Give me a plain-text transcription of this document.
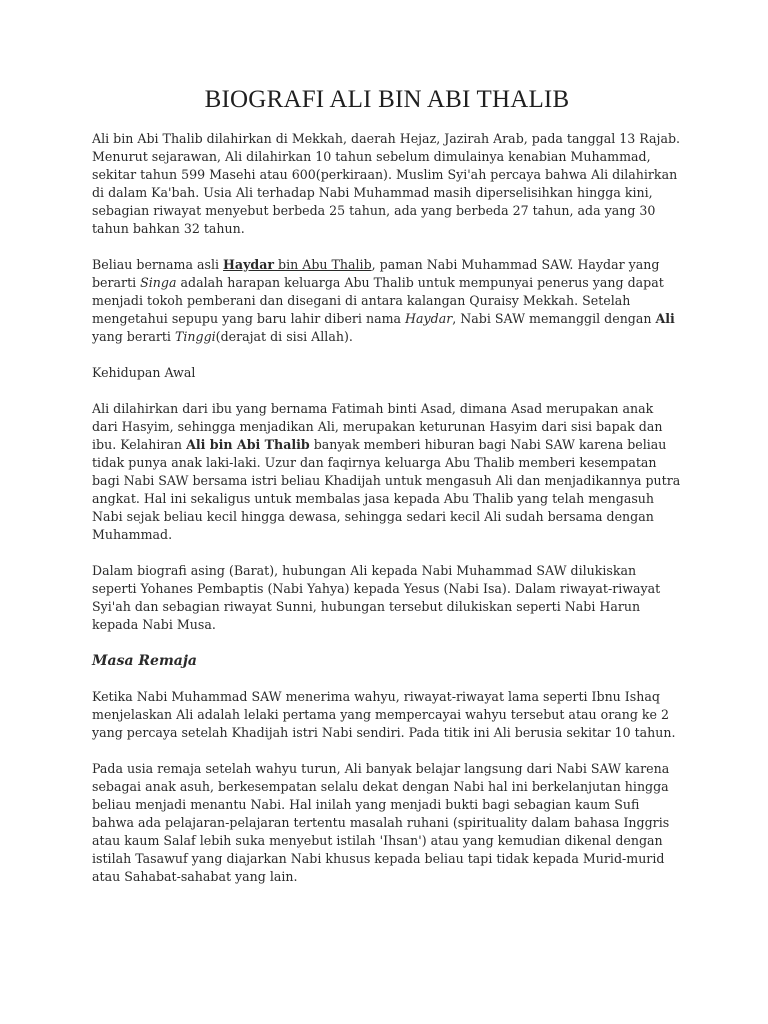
BIOGRAFI ALI BIN ABI THALIB

Ali bin Abi Thalib dilahirkan di Mekkah, daerah Hejaz, Jazirah Arab, pada tanggal 13 Rajab. Menurut sejarawan, Ali dilahirkan 10 tahun sebelum dimulainya kenabian Muhammad, sekitar tahun 599 Masehi atau 600(perkiraan). Muslim Syi'ah percaya bahwa Ali dilahirkan di dalam Ka'bah. Usia Ali terhadap Nabi Muhammad masih diperselisihkan hingga kini, sebagian riwayat menyebut berbeda 25 tahun, ada yang berbeda 27 tahun, ada yang 30 tahun bahkan 32 tahun.

Beliau bernama asli Haydar bin Abu Thalib, paman Nabi Muhammad SAW. Haydar yang berarti Singa adalah harapan keluarga Abu Thalib untuk mempunyai penerus yang dapat menjadi tokoh pemberani dan disegani di antara kalangan Quraisy Mekkah. Setelah mengetahui sepupu yang baru lahir diberi nama Haydar, Nabi SAW memanggil dengan Ali yang berarti Tinggi(derajat di sisi Allah).

Kehidupan Awal

Ali dilahirkan dari ibu yang bernama Fatimah binti Asad, dimana Asad merupakan anak dari Hasyim, sehingga menjadikan Ali, merupakan keturunan Hasyim dari sisi bapak dan ibu. Kelahiran Ali bin Abi Thalib banyak memberi hiburan bagi Nabi SAW karena beliau tidak punya anak laki-laki. Uzur dan faqirnya keluarga Abu Thalib memberi kesempatan bagi Nabi SAW bersama istri beliau Khadijah untuk mengasuh Ali dan menjadikannya putra angkat. Hal ini sekaligus untuk membalas jasa kepada Abu Thalib yang telah mengasuh Nabi sejak beliau kecil hingga dewasa, sehingga sedari kecil Ali sudah bersama dengan Muhammad.

Dalam biografi asing (Barat), hubungan Ali kepada Nabi Muhammad SAW dilukiskan seperti Yohanes Pembaptis (Nabi Yahya) kepada Yesus (Nabi Isa). Dalam riwayat-riwayat Syi'ah dan sebagian riwayat Sunni, hubungan tersebut dilukiskan seperti Nabi Harun kepada Nabi Musa.

Masa Remaja

Ketika Nabi Muhammad SAW menerima wahyu, riwayat-riwayat lama seperti Ibnu Ishaq menjelaskan Ali adalah lelaki pertama yang mempercayai wahyu tersebut atau orang ke 2 yang percaya setelah Khadijah istri Nabi sendiri. Pada titik ini Ali berusia sekitar 10 tahun.

Pada usia remaja setelah wahyu turun, Ali banyak belajar langsung dari Nabi SAW karena sebagai anak asuh, berkesempatan selalu dekat dengan Nabi hal ini berkelanjutan hingga beliau menjadi menantu Nabi. Hal inilah yang menjadi bukti bagi sebagian kaum Sufi bahwa ada pelajaran-pelajaran tertentu masalah ruhani (spirituality dalam bahasa Inggris atau kaum Salaf lebih suka menyebut istilah 'Ihsan') atau yang kemudian dikenal dengan istilah Tasawuf yang diajarkan Nabi khusus kepada beliau tapi tidak kepada Murid-murid atau Sahabat-sahabat yang lain.
